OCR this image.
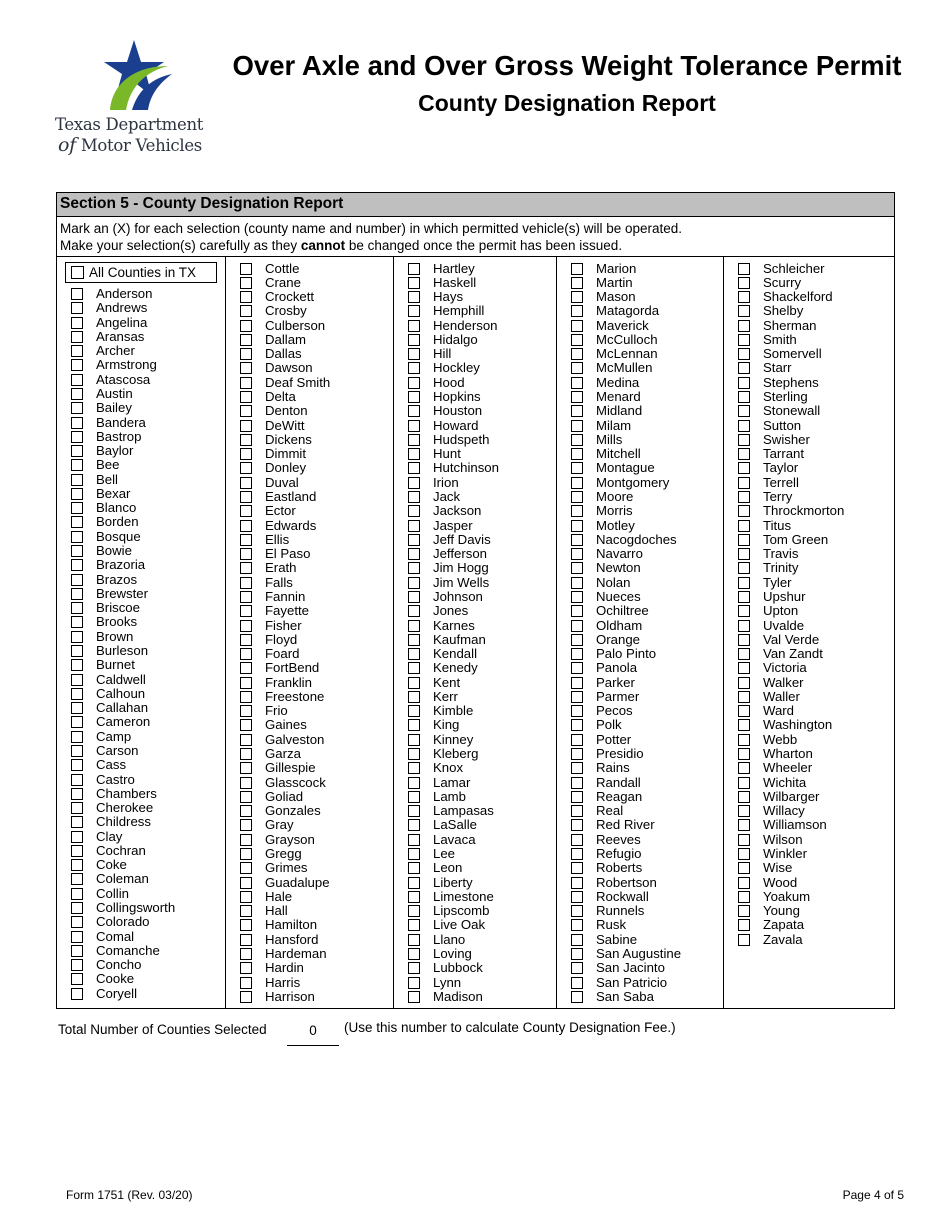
Texas Department
of Motor Vehicles
Over Axle and Over Gross Weight Tolerance Permit
County Designation Report
Section 5 - County Designation Report
Mark an (X) for each selection (county name and number) in which permitted vehicle(s) will be operated.
Make your selection(s) carefully as they cannot be changed once the permit has been issued.
All Counties in TX
Anderson
Andrews
Angelina
Aransas
Archer
Armstrong
Atascosa
Austin
Bailey
Bandera
Bastrop
Baylor
Bee
Bell
Bexar
Blanco
Borden
Bosque
Bowie
Brazoria
Brazos
Brewster
Briscoe
Brooks
Brown
Burleson
Burnet
Caldwell
Calhoun
Callahan
Cameron
Camp
Carson
Cass
Castro
Chambers
Cherokee
Childress
Clay
Cochran
Coke
Coleman
Collin
Collingsworth
Colorado
Comal
Comanche
Concho
Cooke
Coryell
Cottle
Crane
Crockett
Crosby
Culberson
Dallam
Dallas
Dawson
Deaf Smith
Delta
Denton
DeWitt
Dickens
Dimmit
Donley
Duval
Eastland
Ector
Edwards
Ellis
El Paso
Erath
Falls
Fannin
Fayette
Fisher
Floyd
Foard
FortBend
Franklin
Freestone
Frio
Gaines
Galveston
Garza
Gillespie
Glasscock
Goliad
Gonzales
Gray
Grayson
Gregg
Grimes
Guadalupe
Hale
Hall
Hamilton
Hansford
Hardeman
Hardin
Harris
Harrison
Hartley
Haskell
Hays
Hemphill
Henderson
Hidalgo
Hill
Hockley
Hood
Hopkins
Houston
Howard
Hudspeth
Hunt
Hutchinson
Irion
Jack
Jackson
Jasper
Jeff Davis
Jefferson
Jim Hogg
Jim Wells
Johnson
Jones
Karnes
Kaufman
Kendall
Kenedy
Kent
Kerr
Kimble
King
Kinney
Kleberg
Knox
Lamar
Lamb
Lampasas
LaSalle
Lavaca
Lee
Leon
Liberty
Limestone
Lipscomb
Live Oak
Llano
Loving
Lubbock
Lynn
Madison
Marion
Martin
Mason
Matagorda
Maverick
McCulloch
McLennan
McMullen
Medina
Menard
Midland
Milam
Mills
Mitchell
Montague
Montgomery
Moore
Morris
Motley
Nacogdoches
Navarro
Newton
Nolan
Nueces
Ochiltree
Oldham
Orange
Palo Pinto
Panola
Parker
Parmer
Pecos
Polk
Potter
Presidio
Rains
Randall
Reagan
Real
Red River
Reeves
Refugio
Roberts
Robertson
Rockwall
Runnels
Rusk
Sabine
San Augustine
San Jacinto
San Patricio
San Saba
Schleicher
Scurry
Shackelford
Shelby
Sherman
Smith
Somervell
Starr
Stephens
Sterling
Stonewall
Sutton
Swisher
Tarrant
Taylor
Terrell
Terry
Throckmorton
Titus
Tom Green
Travis
Trinity
Tyler
Upshur
Upton
Uvalde
Val Verde
Van Zandt
Victoria
Walker
Waller
Ward
Washington
Webb
Wharton
Wheeler
Wichita
Wilbarger
Willacy
Williamson
Wilson
Winkler
Wise
Wood
Yoakum
Young
Zapata
Zavala
Total Number of Counties Selected	0	(Use this number to calculate County Designation Fee.)
Form 1751 (Rev. 03/20)	Page 4 of 5
